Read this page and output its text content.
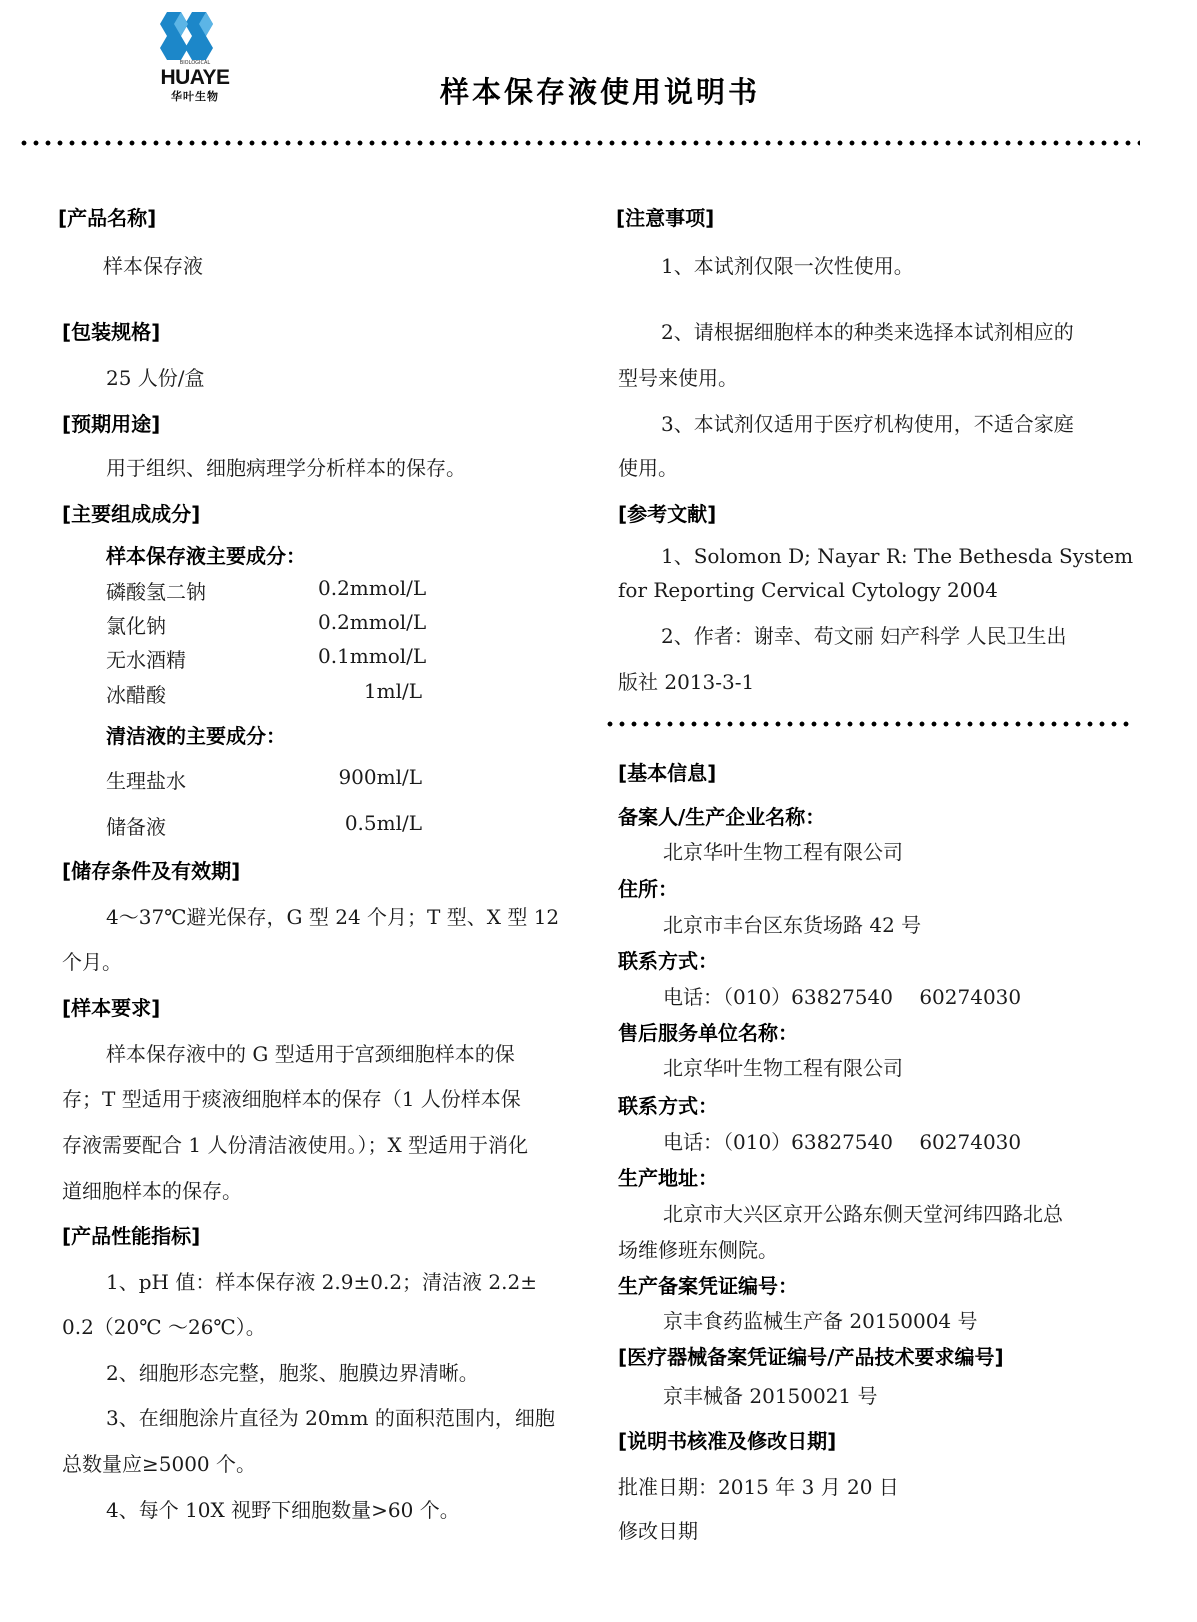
BIOLOGICAL
HUAYE
华叶生物	样本保存液使用说明书
[产品名称]
样本保存液
[包装规格]
25 人份/盒
[预期用途]
用于组织、细胞病理学分析样本的保存。
[主要组成成分]
样本保存液主要成分：
磷酸氢二钠	0.2mmol/L
氯化钠	0.2mmol/L
无水酒精	0.1mmol/L
冰醋酸	1ml/L
清洁液的主要成分：
生理盐水	900ml/L
储备液	0.5ml/L
[储存条件及有效期]
4～37℃避光保存，G 型 24 个月；T 型、X 型 12
个月。
[样本要求]
样本保存液中的 G 型适用于宫颈细胞样本的保
存；T 型适用于痰液细胞样本的保存（1 人份样本保
存液需要配合 1 人份清洁液使用。）；X 型适用于消化
道细胞样本的保存。
[产品性能指标]
1、pH 值：样本保存液 2.9±0.2；清洁液 2.2±
0.2（20℃ ～26℃）。
2、细胞形态完整，胞浆、胞膜边界清晰。
3、在细胞涂片直径为 20mm 的面积范围内，细胞
总数量应≥5000 个。
4、每个 10X 视野下细胞数量>60 个。
[注意事项]
1、本试剂仅限一次性使用。
2、请根据细胞样本的种类来选择本试剂相应的
型号来使用。
3、本试剂仅适用于医疗机构使用，不适合家庭
使用。
[参考文献]
1、Solomon D; Nayar R: The Bethesda System
for Reporting Cervical Cytology 2004
2、作者：谢幸、苟文丽 妇产科学 人民卫生出
版社 2013-3-1
[基本信息]
备案人/生产企业名称：
北京华叶生物工程有限公司
住所：
北京市丰台区东货场路 42 号
联系方式：
电话：（010）63827540　 60274030
售后服务单位名称：
北京华叶生物工程有限公司
联系方式：
电话：（010）63827540　 60274030
生产地址：
北京市大兴区京开公路东侧天堂河纬四路北总
场维修班东侧院。
生产备案凭证编号：
京丰食药监械生产备 20150004 号
[医疗器械备案凭证编号/产品技术要求编号]
京丰械备 20150021 号
[说明书核准及修改日期]
批准日期：2015 年 3 月 20 日
修改日期
